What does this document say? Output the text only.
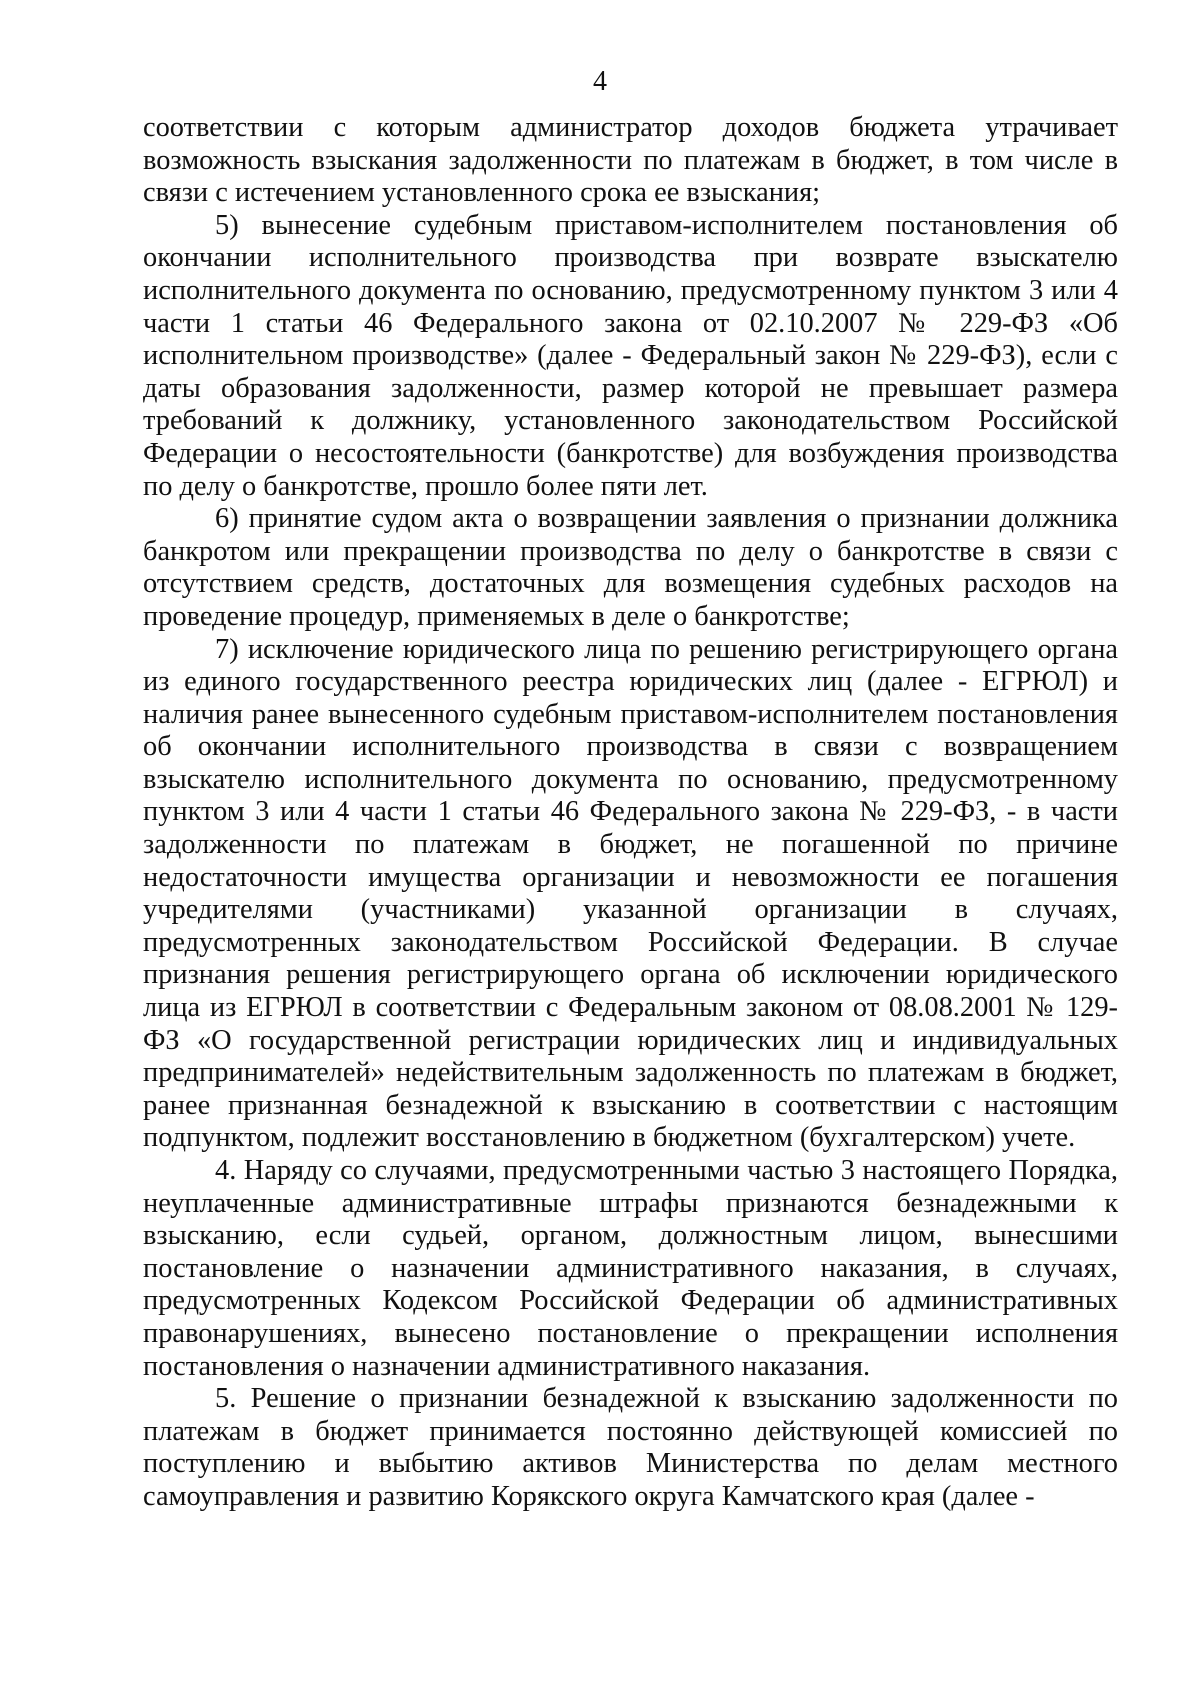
4

соответствии с которым администратор доходов бюджета утрачивает возможность взыскания задолженности по платежам в бюджет, в том числе в связи с истечением установленного срока ее взыскания;

5) вынесение судебным приставом-исполнителем постановления об окончании исполнительного производства при возврате взыскателю исполнительного документа по основанию, предусмотренному пунктом 3 или 4 части 1 статьи 46 Федерального закона от 02.10.2007 № 229-ФЗ «Об исполнительном производстве» (далее - Федеральный закон № 229-ФЗ), если с даты образования задолженности, размер которой не превышает размера требований к должнику, установленного законодательством Российской Федерации о несостоятельности (банкротстве) для возбуждения производства по делу о банкротстве, прошло более пяти лет.

6) принятие судом акта о возвращении заявления о признании должника банкротом или прекращении производства по делу о банкротстве в связи с отсутствием средств, достаточных для возмещения судебных расходов на проведение процедур, применяемых в деле о банкротстве;

7) исключение юридического лица по решению регистрирующего органа из единого государственного реестра юридических лиц (далее - ЕГРЮЛ) и наличия ранее вынесенного судебным приставом-исполнителем постановления об окончании исполнительного производства в связи с возвращением взыскателю исполнительного документа по основанию, предусмотренному пунктом 3 или 4 части 1 статьи 46 Федерального закона № 229-ФЗ, - в части задолженности по платежам в бюджет, не погашенной по причине недостаточности имущества организации и невозможности ее погашения учредителями (участниками) указанной организации в случаях, предусмотренных законодательством Российской Федерации. В случае признания решения регистрирующего органа об исключении юридического лица из ЕГРЮЛ в соответствии с Федеральным законом от 08.08.2001 № 129-ФЗ «О государственной регистрации юридических лиц и индивидуальных предпринимателей» недействительным задолженность по платежам в бюджет, ранее признанная безнадежной к взысканию в соответствии с настоящим подпунктом, подлежит восстановлению в бюджетном (бухгалтерском) учете.

4. Наряду со случаями, предусмотренными частью 3 настоящего Порядка, неуплаченные административные штрафы признаются безнадежными к взысканию, если судьей, органом, должностным лицом, вынесшими постановление о назначении административного наказания, в случаях, предусмотренных Кодексом Российской Федерации об административных правонарушениях, вынесено постановление о прекращении исполнения постановления о назначении административного наказания.

5. Решение о признании безнадежной к взысканию задолженности по платежам в бюджет принимается постоянно действующей комиссией по поступлению и выбытию активов Министерства по делам местного самоуправления и развитию Корякского округа Камчатского края (далее -
